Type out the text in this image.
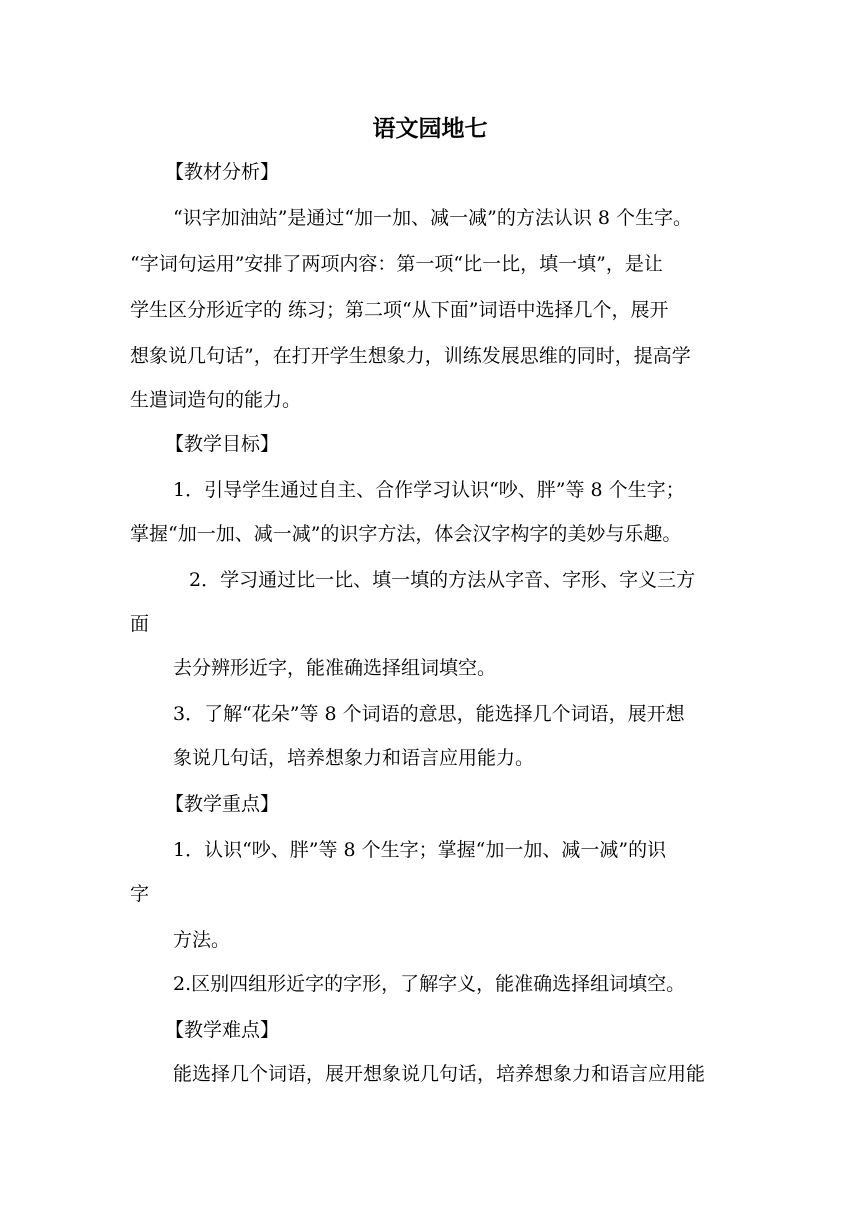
语文园地七
【教材分析】
“识字加油站”是通过“加一加、减一减”的方法认识 8 个生字。
“字词句运用”安排了两项内容：第一项“比一比，填一填”，是让
学生区分形近字的 练习；第二项“从下面”词语中选择几个，展开
想象说几句话”，在打开学生想象力，训练发展思维的同时，提高学
生遣词造句的能力。
【教学目标】
1．引导学生通过自主、合作学习认识“吵、胖”等 8 个生字；
掌握“加一加、减一减”的识字方法，体会汉字构字的美妙与乐趣。
2．学习通过比一比、填一填的方法从字音、字形、字义三方
面
去分辨形近字，能准确选择组词填空。
3．了解“花朵”等 8 个词语的意思，能选择几个词语，展开想
象说几句话，培养想象力和语言应用能力。
【教学重点】
1．认识“吵、胖”等 8 个生字；掌握“加一加、减一减”的识
字
方法。
2.区别四组形近字的字形，了解字义，能准确选择组词填空。
【教学难点】
能选择几个词语，展开想象说几句话，培养想象力和语言应用能
